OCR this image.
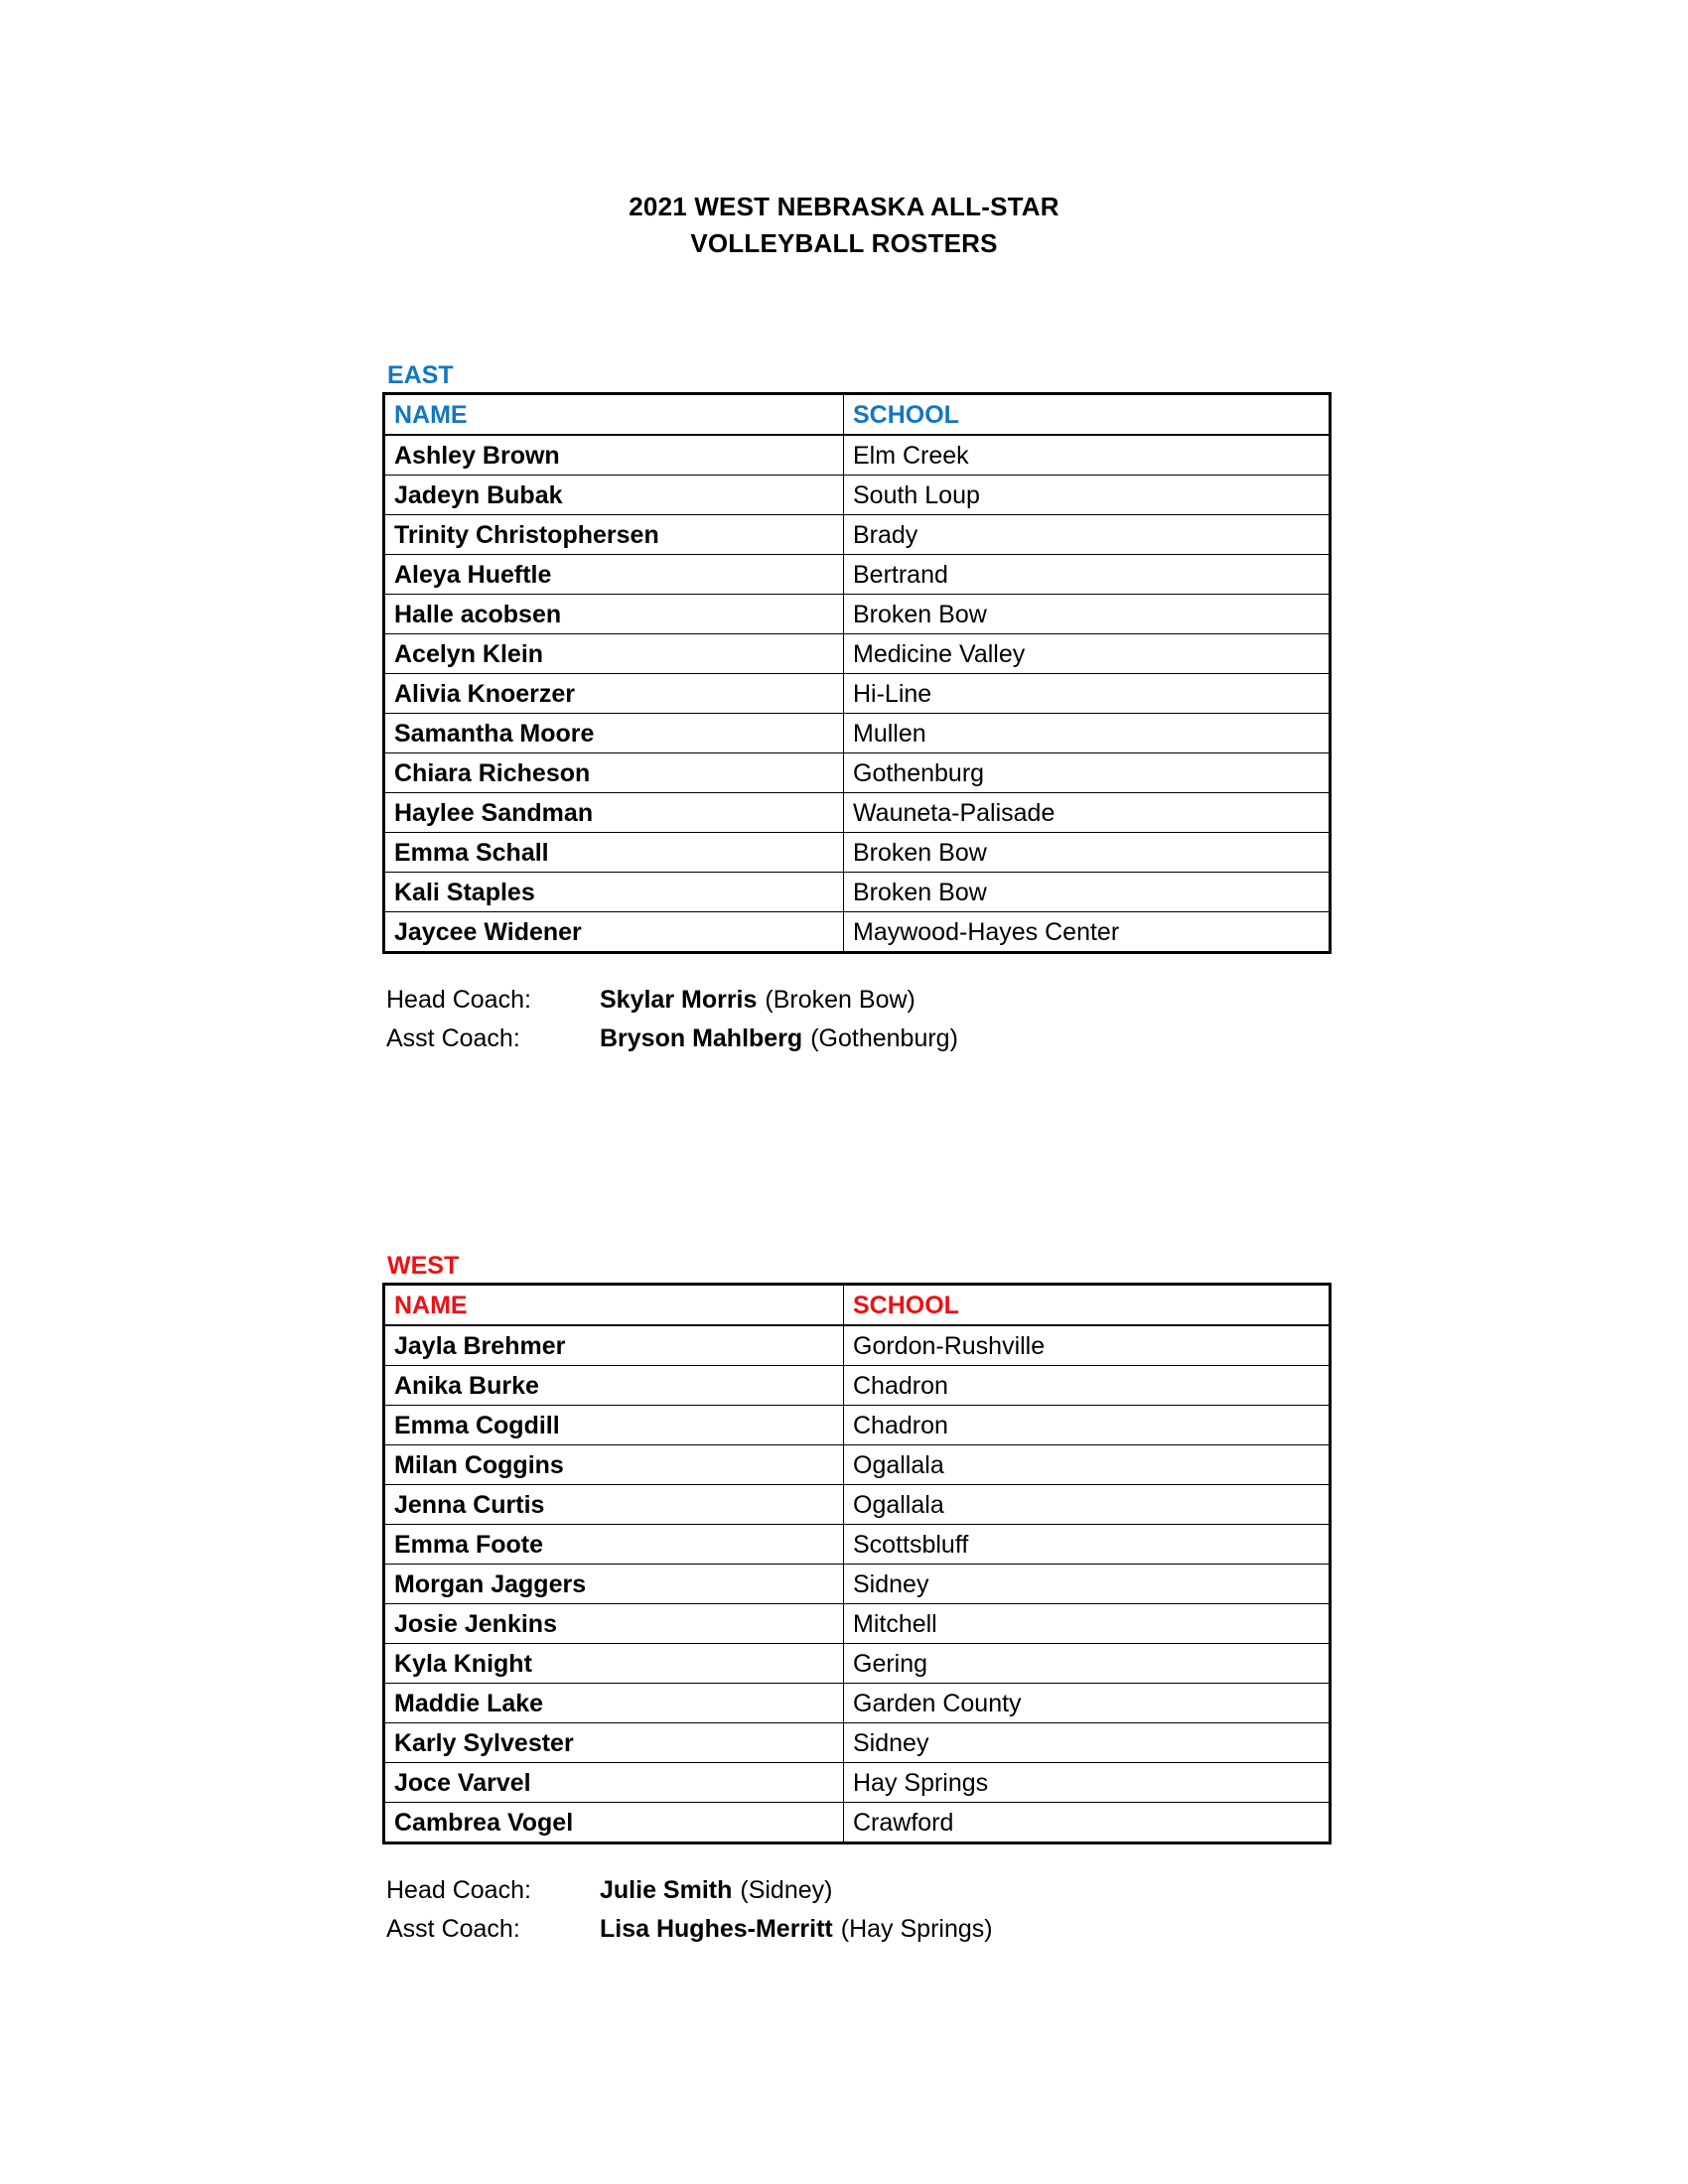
2021 WEST NEBRASKA ALL-STAR
VOLLEYBALL ROSTERS
EAST
NAME	SCHOOL
Ashley Brown	Elm Creek
Jadeyn Bubak	South Loup
Trinity Christophersen	Brady
Aleya Hueftle	Bertrand
Halle acobsen	Broken Bow
Acelyn Klein	Medicine Valley
Alivia Knoerzer	Hi-Line
Samantha Moore	Mullen
Chiara Richeson	Gothenburg
Haylee Sandman	Wauneta-Palisade
Emma Schall	Broken Bow
Kali Staples	Broken Bow
Jaycee Widener	Maywood-Hayes Center
Head Coach:	Skylar Morris (Broken Bow)
Asst Coach:	Bryson Mahlberg (Gothenburg)
WEST
NAME	SCHOOL
Jayla Brehmer	Gordon-Rushville
Anika Burke	Chadron
Emma Cogdill	Chadron
Milan Coggins	Ogallala
Jenna Curtis	Ogallala
Emma Foote	Scottsbluff
Morgan Jaggers	Sidney
Josie Jenkins	Mitchell
Kyla Knight	Gering
Maddie Lake	Garden County
Karly Sylvester	Sidney
Joce Varvel	Hay Springs
Cambrea Vogel	Crawford
Head Coach:	Julie Smith (Sidney)
Asst Coach:	Lisa Hughes-Merritt (Hay Springs)
